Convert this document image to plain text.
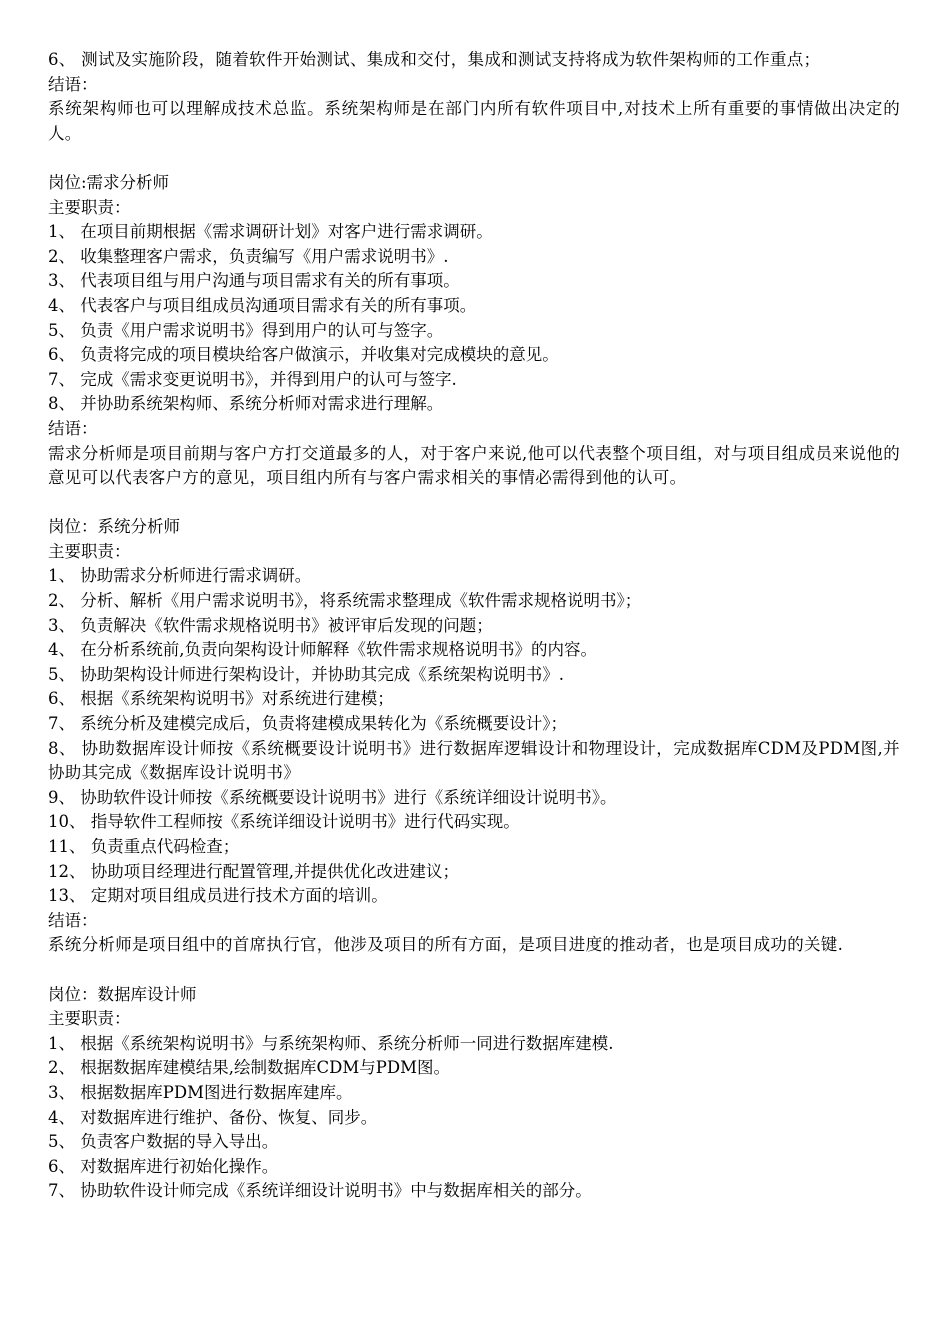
6、 测试及实施阶段，随着软件开始测试、集成和交付，集成和测试支持将成为软件架构师的工作重点；
结语：
系统架构师也可以理解成技术总监。系统架构师是在部门内所有软件项目中,对技术上所有重要的事情做出决定的人。
岗位:需求分析师
主要职责：
1、 在项目前期根据《需求调研计划》对客户进行需求调研。
2、 收集整理客户需求，负责编写《用户需求说明书》.
3、 代表项目组与用户沟通与项目需求有关的所有事项。
4、 代表客户与项目组成员沟通项目需求有关的所有事项。
5、 负责《用户需求说明书》得到用户的认可与签字。
6、 负责将完成的项目模块给客户做演示，并收集对完成模块的意见。
7、 完成《需求变更说明书》，并得到用户的认可与签字.
8、 并协助系统架构师、系统分析师对需求进行理解。
结语：
需求分析师是项目前期与客户方打交道最多的人，对于客户来说,他可以代表整个项目组，对与项目组成员来说他的意见可以代表客户方的意见，项目组内所有与客户需求相关的事情必需得到他的认可。
岗位：系统分析师
主要职责：
1、 协助需求分析师进行需求调研。
2、 分析、解析《用户需求说明书》，将系统需求整理成《软件需求规格说明书》；
3、 负责解决《软件需求规格说明书》被评审后发现的问题；
4、 在分析系统前,负责向架构设计师解释《软件需求规格说明书》的内容。
5、 协助架构设计师进行架构设计，并协助其完成《系统架构说明书》.
6、 根据《系统架构说明书》对系统进行建模；
7、 系统分析及建模完成后，负责将建模成果转化为《系统概要设计》；
8、 协助数据库设计师按《系统概要设计说明书》进行数据库逻辑设计和物理设计，完成数据库CDM及PDM图,并协助其完成《数据库设计说明书》
9、 协助软件设计师按《系统概要设计说明书》进行《系统详细设计说明书》。
10、 指导软件工程师按《系统详细设计说明书》进行代码实现。
11、 负责重点代码检查；
12、 协助项目经理进行配置管理,并提供优化改进建议；
13、 定期对项目组成员进行技术方面的培训。
结语：
系统分析师是项目组中的首席执行官，他涉及项目的所有方面，是项目进度的推动者，也是项目成功的关键.
岗位：数据库设计师
主要职责：
1、 根据《系统架构说明书》与系统架构师、系统分析师一同进行数据库建模.
2、 根据数据库建模结果,绘制数据库CDM与PDM图。
3、 根据数据库PDM图进行数据库建库。
4、 对数据库进行维护、备份、恢复、同步。
5、 负责客户数据的导入导出。
6、 对数据库进行初始化操作。
7、 协助软件设计师完成《系统详细设计说明书》中与数据库相关的部分。
